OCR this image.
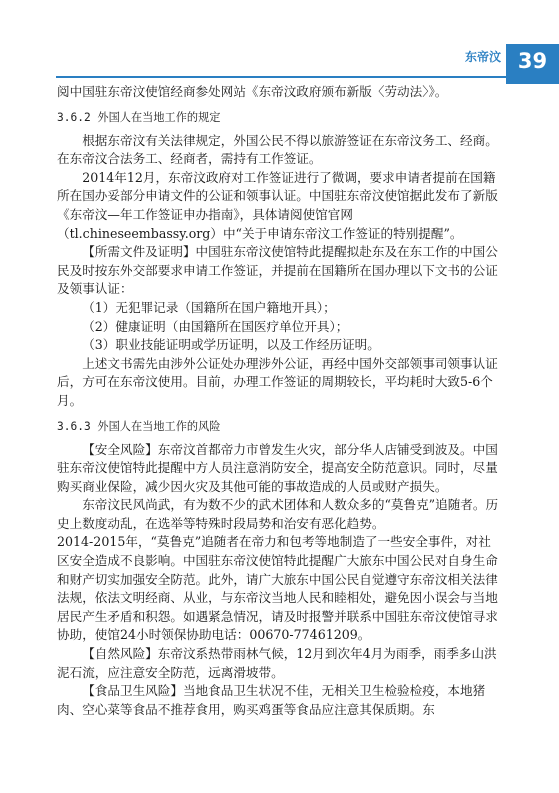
东帝汶 39

阅中国驻东帝汶使馆经商参处网站《东帝汶政府颁布新版〈劳动法〉》。

3.6.2 外国人在当地工作的规定

根据东帝汶有关法律规定，外国公民不得以旅游签证在东帝汶务工、经商。在东帝汶合法务工、经商者，需持有工作签证。

2014年12月，东帝汶政府对工作签证进行了微调，要求申请者提前在国籍所在国办妥部分申请文件的公证和领事认证。中国驻东帝汶使馆据此发布了新版《东帝汶—年工作签证申办指南》，具体请阅使馆官网（tl.chineseembassy.org）中“关于申请东帝汶工作签证的特别提醒”。

【所需文件及证明】中国驻东帝汶使馆特此提醒拟赴东及在东工作的中国公民及时按东外交部要求申请工作签证，并提前在国籍所在国办理以下文书的公证及领事认证：

（1）无犯罪记录（国籍所在国户籍地开具）；

（2）健康证明（由国籍所在国医疗单位开具）；

（3）职业技能证明或学历证明，以及工作经历证明。

上述文书需先由涉外公证处办理涉外公证，再经中国外交部领事司领事认证后，方可在东帝汶使用。目前，办理工作签证的周期较长，平均耗时大致5-6个月。

3.6.3 外国人在当地工作的风险

【安全风险】东帝汶首都帝力市曾发生火灾，部分华人店铺受到波及。中国驻东帝汶使馆特此提醒中方人员注意消防安全，提高安全防范意识。同时，尽量购买商业保险，减少因火灾及其他可能的事故造成的人员或财产损失。

东帝汶民风尚武，有为数不少的武术团体和人数众多的“莫鲁克”追随者。历史上数度动乱，在选举等特殊时段局势和治安有恶化趋势。

2014-2015年，“莫鲁克”追随者在帝力和包考等地制造了一些安全事件，对社区安全造成不良影响。中国驻东帝汶使馆特此提醒广大旅东中国公民对自身生命和财产切实加强安全防范。此外，请广大旅东中国公民自觉遵守东帝汶相关法律法规，依法文明经商、从业，与东帝汶当地人民和睦相处，避免因小误会与当地居民产生矛盾和积怨。如遇紧急情况，请及时报警并联系中国驻东帝汶使馆寻求协助，使馆24小时领保协助电话：00670-77461209。

【自然风险】东帝汶系热带雨林气候，12月到次年4月为雨季，雨季多山洪泥石流，应注意安全防范，远离滑坡带。

【食品卫生风险】当地食品卫生状况不佳，无相关卫生检验检疫，本地猪肉、空心菜等食品不推荐食用，购买鸡蛋等食品应注意其保质期。东
